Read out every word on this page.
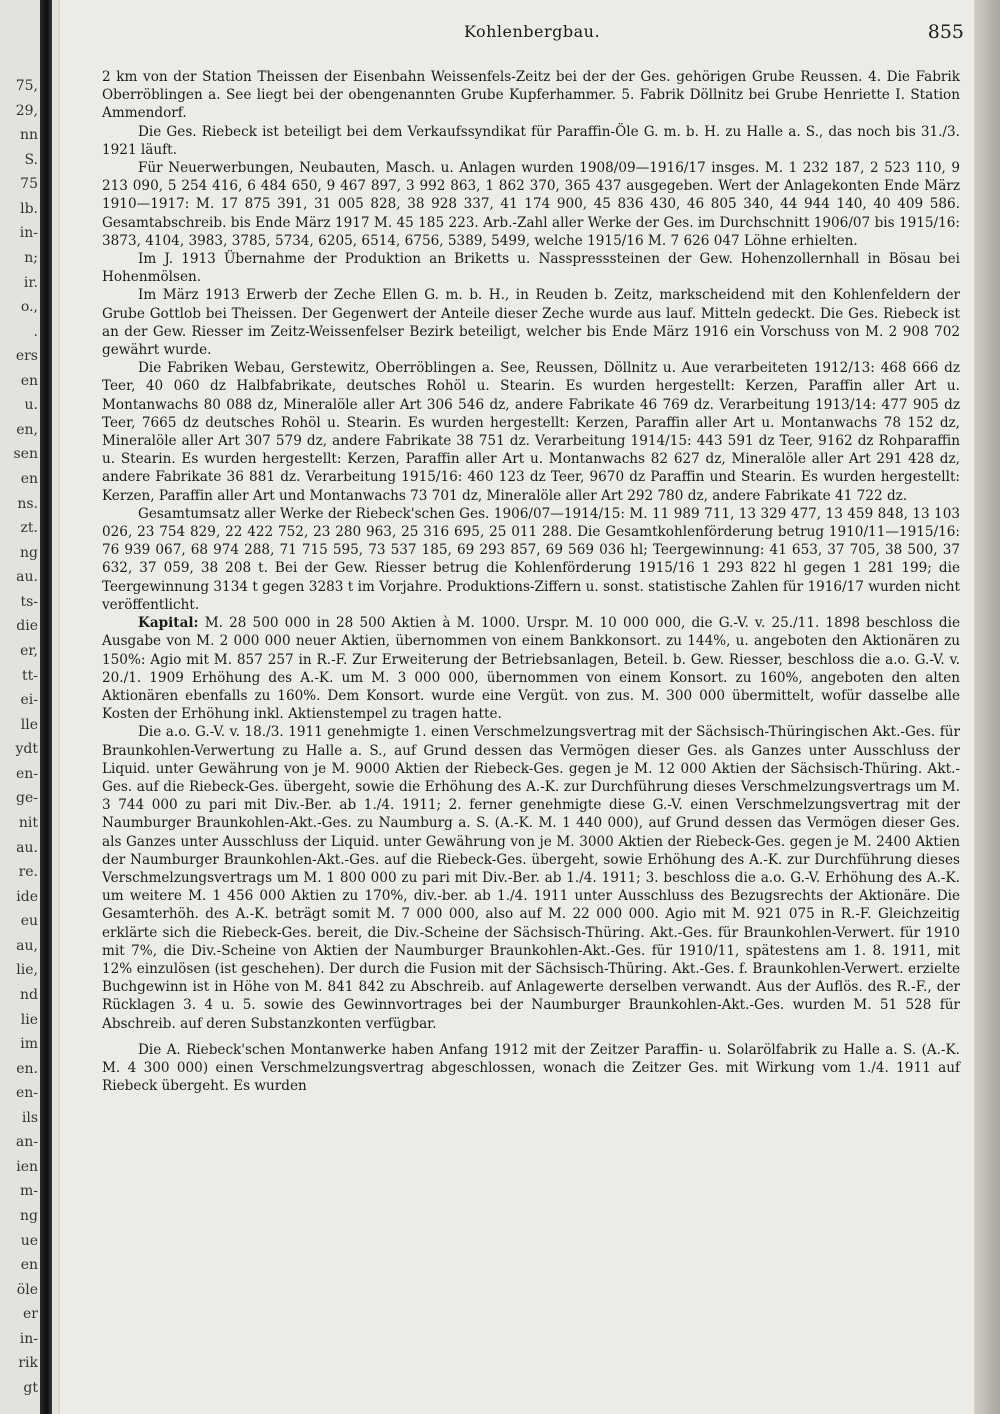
75,
29,
nn
S.
75
lb.
in-
n;
ir.
o.,
.
ers
en
u.
en,
sen
en
ns.
zt.
ng
au.
ts-
die
er,
tt-
ei-
lle
ydt
en-
ge-
nit
au.
re.
ide
eu
au,
lie,
nd
lie
im
en.
en-
ils
an-
ien
m-
ng
ue
en
öle
er
in-
rik
gt
Kohlenbergbau.	855

2 km von der Station Theissen der Eisenbahn Weissenfels-Zeitz bei der der Ges. gehörigen Grube Reussen. 4. Die Fabrik Oberröblingen a. See liegt bei der obengenannten Grube Kupferhammer. 5. Fabrik Döllnitz bei Grube Henriette I. Station Ammendorf.

Die Ges. Riebeck ist beteiligt bei dem Verkaufssyndikat für Paraffin-Öle G. m. b. H. zu Halle a. S., das noch bis 31./3. 1921 läuft.

Für Neuerwerbungen, Neubauten, Masch. u. Anlagen wurden 1908/09—1916/17 insges. M. 1 232 187, 2 523 110, 9 213 090, 5 254 416, 6 484 650, 9 467 897, 3 992 863, 1 862 370, 365 437 ausgegeben. Wert der Anlagekonten Ende März 1910—1917: M. 17 875 391, 31 005 828, 38 928 337, 41 174 900, 45 836 430, 46 805 340, 44 944 140, 40 409 586. Gesamtabschreib. bis Ende März 1917 M. 45 185 223. Arb.-Zahl aller Werke der Ges. im Durchschnitt 1906/07 bis 1915/16: 3873, 4104, 3983, 3785, 5734, 6205, 6514, 6756, 5389, 5499, welche 1915/16 M. 7 626 047 Löhne erhielten.

Im J. 1913 Übernahme der Produktion an Briketts u. Nasspresssteinen der Gew. Hohenzollernhall in Bösau bei Hohenmölsen.

Im März 1913 Erwerb der Zeche Ellen G. m. b. H., in Reuden b. Zeitz, markscheidend mit den Kohlenfeldern der Grube Gottlob bei Theissen. Der Gegenwert der Anteile dieser Zeche wurde aus lauf. Mitteln gedeckt. Die Ges. Riebeck ist an der Gew. Riesser im Zeitz-Weissenfelser Bezirk beteiligt, welcher bis Ende März 1916 ein Vorschuss von M. 2 908 702 gewährt wurde.

Die Fabriken Webau, Gerstewitz, Oberröblingen a. See, Reussen, Döllnitz u. Aue verarbeiteten 1912/13: 468 666 dz Teer, 40 060 dz Halbfabrikate, deutsches Rohöl u. Stearin. Es wurden hergestellt: Kerzen, Paraffin aller Art u. Montanwachs 80 088 dz, Mineralöle aller Art 306 546 dz, andere Fabrikate 46 769 dz. Verarbeitung 1913/14: 477 905 dz Teer, 7665 dz deutsches Rohöl u. Stearin. Es wurden hergestellt: Kerzen, Paraffin aller Art u. Montanwachs 78 152 dz, Mineralöle aller Art 307 579 dz, andere Fabrikate 38 751 dz. Verarbeitung 1914/15: 443 591 dz Teer, 9162 dz Rohparaffin u. Stearin. Es wurden hergestellt: Kerzen, Paraffin aller Art u. Montanwachs 82 627 dz, Mineralöle aller Art 291 428 dz, andere Fabrikate 36 881 dz. Verarbeitung 1915/16: 460 123 dz Teer, 9670 dz Paraffin und Stearin. Es wurden hergestellt: Kerzen, Paraffin aller Art und Montanwachs 73 701 dz, Mineralöle aller Art 292 780 dz, andere Fabrikate 41 722 dz.

Gesamtumsatz aller Werke der Riebeck'schen Ges. 1906/07—1914/15: M. 11 989 711, 13 329 477, 13 459 848, 13 103 026, 23 754 829, 22 422 752, 23 280 963, 25 316 695, 25 011 288. Die Gesamtkohlenförderung betrug 1910/11—1915/16: 76 939 067, 68 974 288, 71 715 595, 73 537 185, 69 293 857, 69 569 036 hl; Teergewinnung: 41 653, 37 705, 38 500, 37 632, 37 059, 38 208 t. Bei der Gew. Riesser betrug die Kohlenförderung 1915/16 1 293 822 hl gegen 1 281 199; die Teergewinnung 3134 t gegen 3283 t im Vorjahre. Produktions-Ziffern u. sonst. statistische Zahlen für 1916/17 wurden nicht veröffentlicht.

Kapital: M. 28 500 000 in 28 500 Aktien à M. 1000. Urspr. M. 10 000 000, die G.-V. v. 25./11. 1898 beschloss die Ausgabe von M. 2 000 000 neuer Aktien, übernommen von einem Bankkonsort. zu 144%, u. angeboten den Aktionären zu 150%: Agio mit M. 857 257 in R.-F. Zur Erweiterung der Betriebsanlagen, Beteil. b. Gew. Riesser, beschloss die a.o. G.-V. v. 20./1. 1909 Erhöhung des A.-K. um M. 3 000 000, übernommen von einem Konsort. zu 160%, angeboten den alten Aktionären ebenfalls zu 160%. Dem Konsort. wurde eine Vergüt. von zus. M. 300 000 übermittelt, wofür dasselbe alle Kosten der Erhöhung inkl. Aktienstempel zu tragen hatte.

Die a.o. G.-V. v. 18./3. 1911 genehmigte 1. einen Verschmelzungsvertrag mit der Sächsisch-Thüringischen Akt.-Ges. für Braunkohlen-Verwertung zu Halle a. S., auf Grund dessen das Vermögen dieser Ges. als Ganzes unter Ausschluss der Liquid. unter Gewährung von je M. 9000 Aktien der Riebeck-Ges. gegen je M. 12 000 Aktien der Sächsisch-Thüring. Akt.-Ges. auf die Riebeck-Ges. übergeht, sowie die Erhöhung des A.-K. zur Durchführung dieses Verschmelzungsvertrags um M. 3 744 000 zu pari mit Div.-Ber. ab 1./4. 1911; 2. ferner genehmigte diese G.-V. einen Verschmelzungsvertrag mit der Naumburger Braunkohlen-Akt.-Ges. zu Naumburg a. S. (A.-K. M. 1 440 000), auf Grund dessen das Vermögen dieser Ges. als Ganzes unter Ausschluss der Liquid. unter Gewährung von je M. 3000 Aktien der Riebeck-Ges. gegen je M. 2400 Aktien der Naumburger Braunkohlen-Akt.-Ges. auf die Riebeck-Ges. übergeht, sowie Erhöhung des A.-K. zur Durchführung dieses Verschmelzungsvertrags um M. 1 800 000 zu pari mit Div.-Ber. ab 1./4. 1911; 3. beschloss die a.o. G.-V. Erhöhung des A.-K. um weitere M. 1 456 000 Aktien zu 170%, div.-ber. ab 1./4. 1911 unter Ausschluss des Bezugsrechts der Aktionäre. Die Gesamterhöh. des A.-K. beträgt somit M. 7 000 000, also auf M. 22 000 000. Agio mit M. 921 075 in R.-F. Gleichzeitig erklärte sich die Riebeck-Ges. bereit, die Div.-Scheine der Sächsisch-Thüring. Akt.-Ges. für Braunkohlen-Verwert. für 1910 mit 7%, die Div.-Scheine von Aktien der Naumburger Braunkohlen-Akt.-Ges. für 1910/11, spätestens am 1. 8. 1911, mit 12% einzulösen (ist geschehen). Der durch die Fusion mit der Sächsisch-Thüring. Akt.-Ges. f. Braunkohlen-Verwert. erzielte Buchgewinn ist in Höhe von M. 841 842 zu Abschreib. auf Anlagewerte derselben verwandt. Aus der Auflös. des R.-F., der Rücklagen 3. 4 u. 5. sowie des Gewinnvortrages bei der Naumburger Braunkohlen-Akt.-Ges. wurden M. 51 528 für Abschreib. auf deren Substanzkonten verfügbar.

Die A. Riebeck'schen Montanwerke haben Anfang 1912 mit der Zeitzer Paraffin- u. Solarölfabrik zu Halle a. S. (A.-K. M. 4 300 000) einen Verschmelzungsvertrag abgeschlossen, wonach die Zeitzer Ges. mit Wirkung vom 1./4. 1911 auf Riebeck übergeht. Es wurden
